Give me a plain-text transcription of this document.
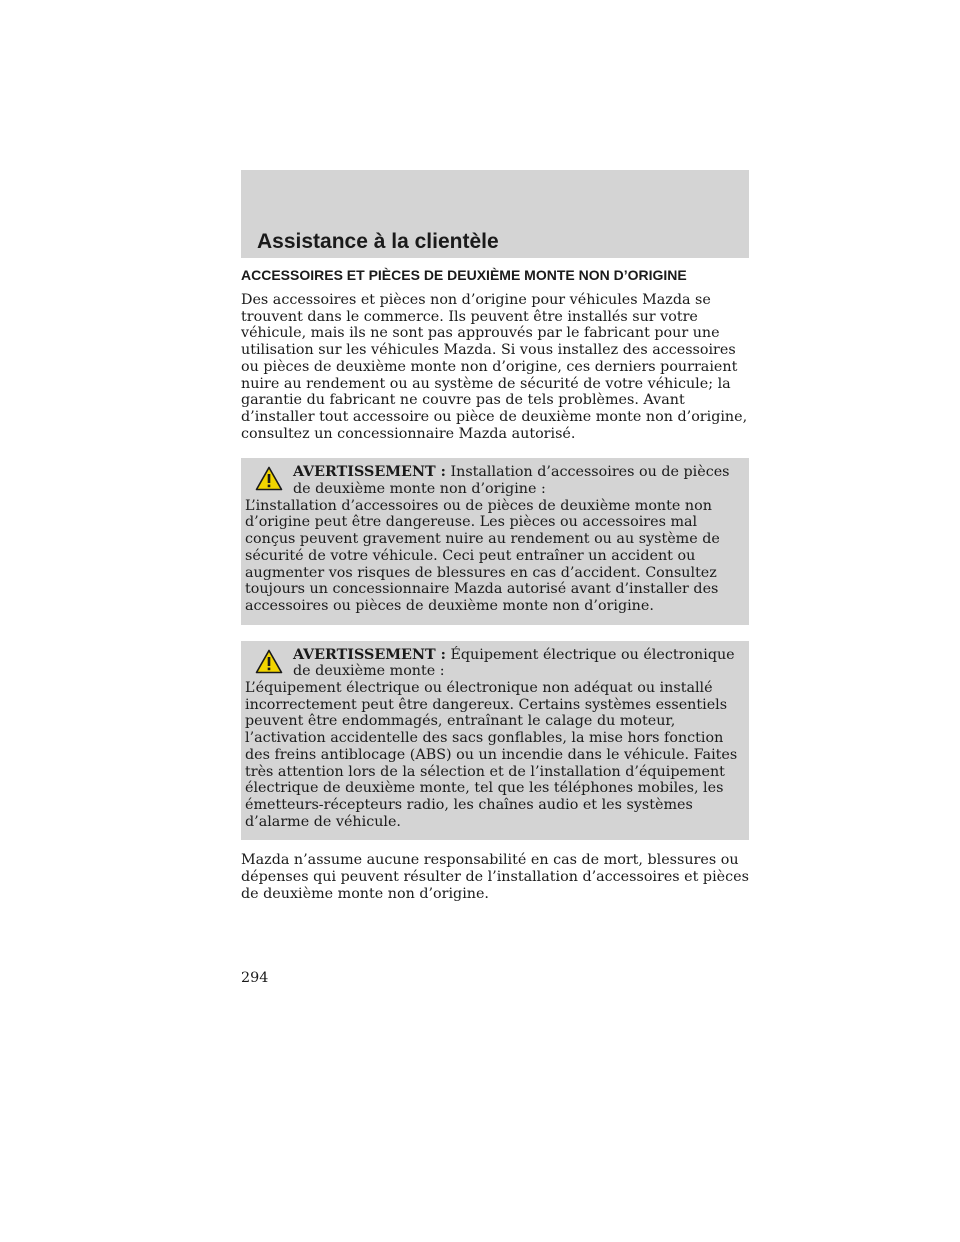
Assistance à la clientèle
ACCESSOIRES ET PIÈCES DE DEUXIÈME MONTE NON D’ORIGINE

Des accessoires et pièces non d’origine pour véhicules Mazda se trouvent dans le commerce. Ils peuvent être installés sur votre véhicule, mais ils ne sont pas approuvés par le fabricant pour une utilisation sur les véhicules Mazda. Si vous installez des accessoires ou pièces de deuxième monte non d’origine, ces derniers pourraient nuire au rendement ou au système de sécurité de votre véhicule; la garantie du fabricant ne couvre pas de tels problèmes. Avant d’installer tout accessoire ou pièce de deuxième monte non d’origine, consultez un concessionnaire Mazda autorisé.

AVERTISSEMENT : Installation d’accessoires ou de pièces de deuxième monte non d’origine :

L’installation d’accessoires ou de pièces de deuxième monte non d’origine peut être dangereuse. Les pièces ou accessoires mal conçus peuvent gravement nuire au rendement ou au système de sécurité de votre véhicule. Ceci peut entraîner un accident ou augmenter vos risques de blessures en cas d’accident. Consultez toujours un concessionnaire Mazda autorisé avant d’installer des accessoires ou pièces de deuxième monte non d’origine.

AVERTISSEMENT : Équipement électrique ou électronique de deuxième monte :

L’équipement électrique ou électronique non adéquat ou installé incorrectement peut être dangereux. Certains systèmes essentiels peuvent être endommagés, entraînant le calage du moteur, l’activation accidentelle des sacs gonflables, la mise hors fonction des freins antiblocage (ABS) ou un incendie dans le véhicule. Faites très attention lors de la sélection et de l’installation d’équipement électrique de deuxième monte, tel que les téléphones mobiles, les émetteurs-récepteurs radio, les chaînes audio et les systèmes d’alarme de véhicule.

Mazda n’assume aucune responsabilité en cas de mort, blessures ou dépenses qui peuvent résulter de l’installation d’accessoires et pièces de deuxième monte non d’origine.

294
